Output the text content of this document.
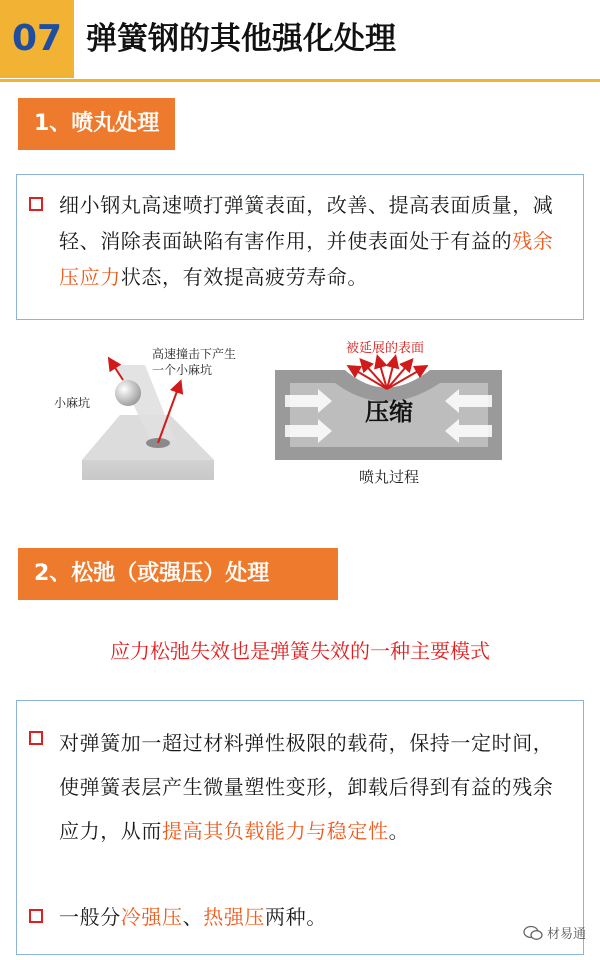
07 弹簧钢的其他强化处理
1、喷丸处理
细小钢丸高速喷打弹簧表面，改善、提高表面质量，减轻、消除表面缺陷有害作用，并使表面处于有益的残余压应力状态，有效提高疲劳寿命。
高速撞击下产生
一个小麻坑
小麻坑
被延展的表面
压缩
喷丸过程
2、松弛（或强压）处理
应力松弛失效也是弹簧失效的一种主要模式
对弹簧加一超过材料弹性极限的载荷，保持一定时间，使弹簧表层产生微量塑性变形，卸载后得到有益的残余应力，从而提高其负载能力与稳定性。
一般分冷强压、热强压两种。
材易通
